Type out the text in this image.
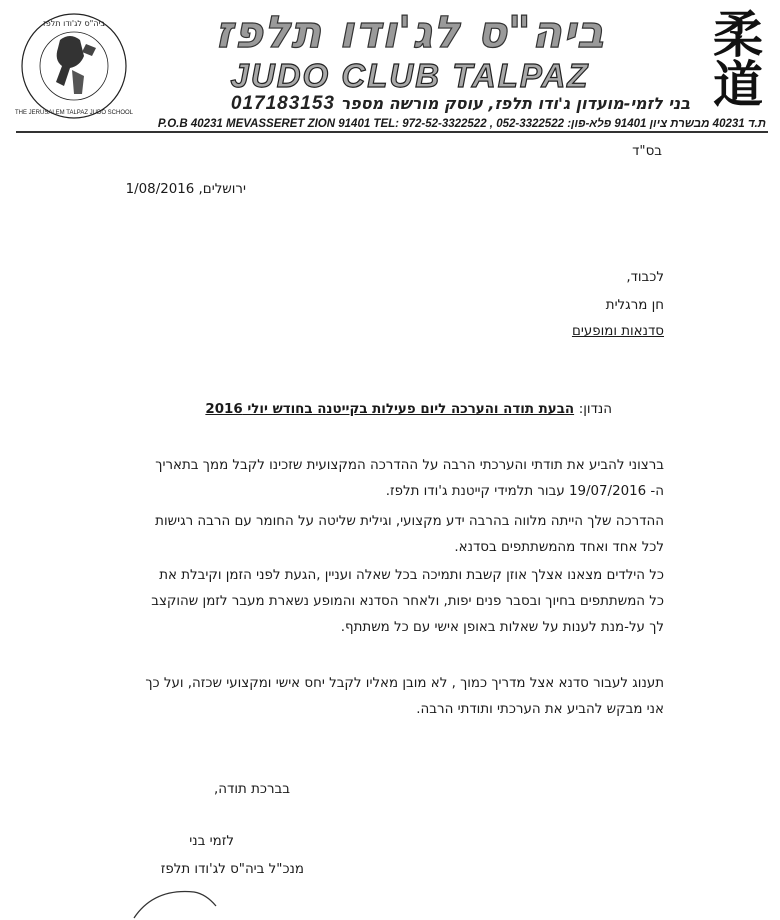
ביה"ס לג'ודו תלפז
THE JERUSALEM TALPAZ JUDO SCHOOL
ביה"ס לג'ודו תלפז
JUDO CLUB TALPAZ
בני לזמי-מועדון ג'ודו תלפז, עוסק מורשה מספר 017183153	柔道
ת.ד 40231 מבשרת ציון 91401 פלא-פון: 052-3322522 , 972-52-3322522 :P.O.B 40231 MEVASSERET ZION 91401 TEL
בס"ד
ירושלים, 1/08/2016
לכבוד,
חן מרגלית
סדנאות ומופעים
הנדון: הבעת תודה והערכה ליום פעילות בקייטנה בחודש יולי 2016
ברצוני להביע את תודתי והערכתי הרבה על ההדרכה המקצועית שזכינו לקבל ממך בתאריך
ה- 19/07/2016 עבור תלמידי קייטנת ג'ודו תלפז.
ההדרכה שלך הייתה מלווה בהרבה ידע מקצועי, וגילית שליטה על החומר עם הרבה רגישות
לכל אחד ואחד מהמשתתפים בסדנא.
כל הילדים מצאנו אצלך אוזן קשבת ותמיכה בכל שאלה ועניין ,הגעת לפני הזמן וקיבלת את
כל המשתתפים בחיוך ובסבר פנים יפות, ולאחר הסדנא והמופע נשארת מעבר לזמן שהוקצב
לך על-מנת לענות על שאלות באופן אישי עם כל משתתף.
תענוג לעבור סדנא אצל מדריך כמוך , לא מובן מאליו לקבל יחס אישי ומקצועי שכזה, ועל כך
אני מבקש להביע את הערכתי ותודתי הרבה.
בברכת תודה,
לזמי בני
מנכ"ל ביה"ס לג'ודו תלפז
